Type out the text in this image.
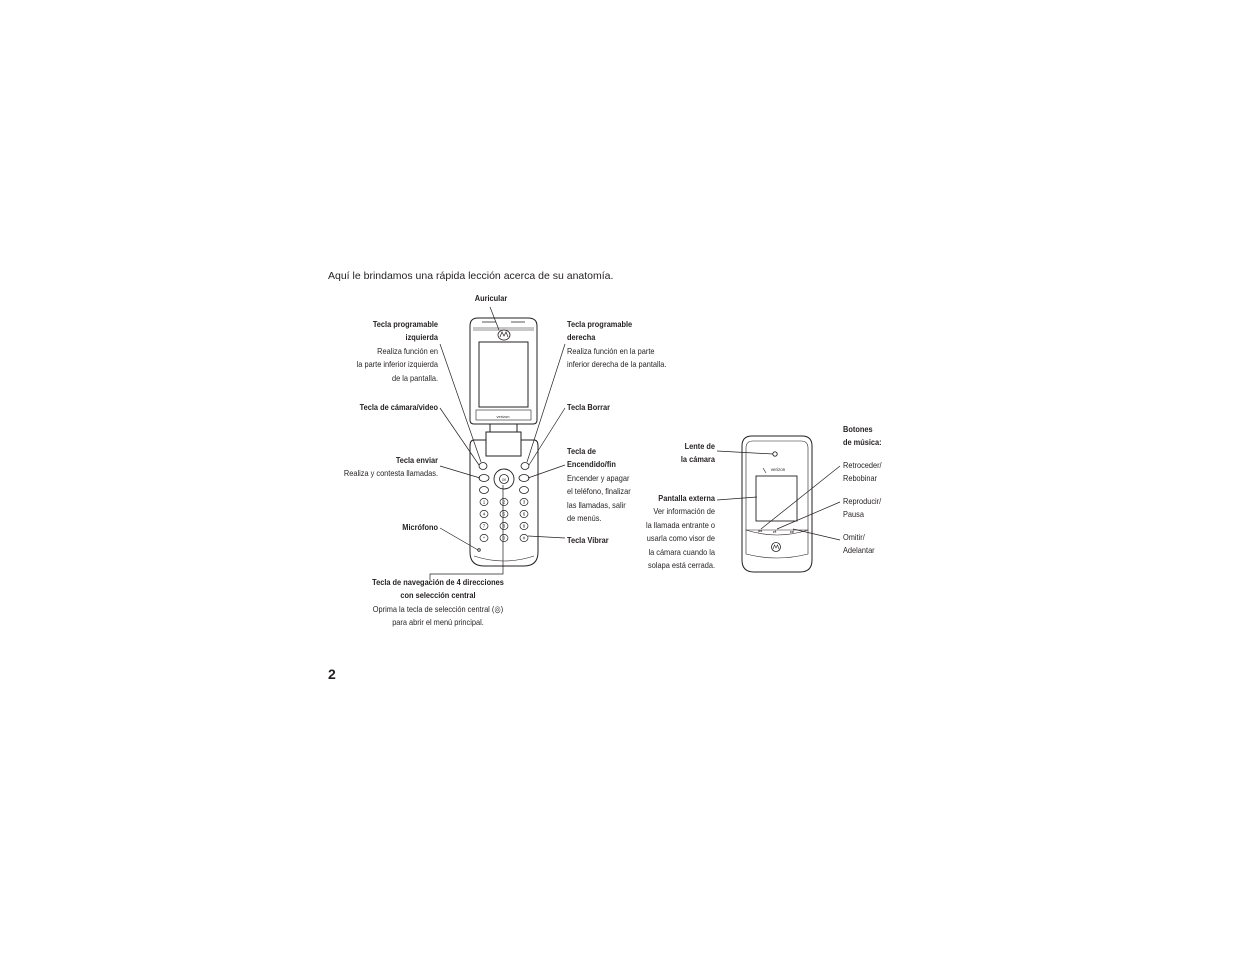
Aquí le brindamos una rápida lección acerca de su anatomía.
Auricular
Tecla programable
izquierda
Realiza función en
la parte inferior izquierda
de la pantalla.
Tecla de cámara/video
Tecla enviar
Realiza y contesta llamadas.
Micrófono
Tecla de navegación de 4 direcciones
con selección central
Oprima la tecla de selección central (◎)
para abrir el menú principal.
Tecla programable
derecha
Realiza función en la parte
inferior derecha de la pantalla.
Tecla Borrar
Tecla de
Encendido/fin
Encender y apagar
el teléfono, finalizar
las llamadas, salir
de menús.
Tecla Vibrar
Lente de
la cámara
Pantalla externa
Ver información de
la llamada entrante o
usarla como visor de
la cámara cuando la
solapa está cerrada.
Botones
de música:
Retroceder/
Rebobinar
Reproducir/
Pausa
Omitir/
Adelantar
2
verizon
OK
1	2	3
4	5	6
7	8	9
*	0	#
verizon
⏮ ⏯	⏭
